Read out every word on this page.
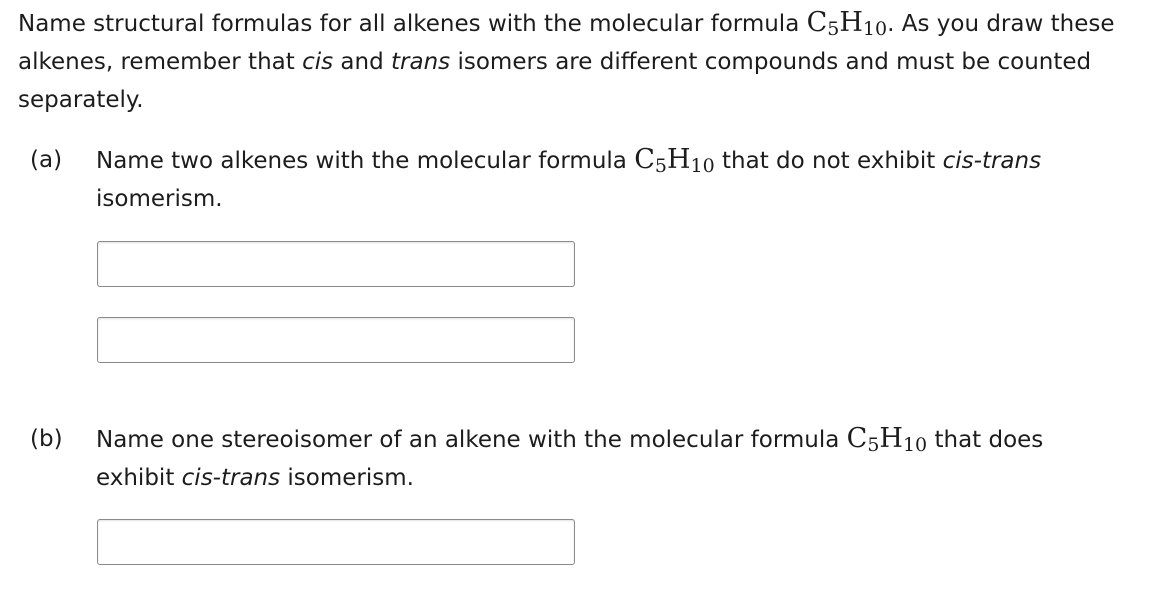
Name structural formulas for all alkenes with the molecular formula $C_5H_{10}$. As you draw these alkenes, remember that cis and trans isomers are different compounds and must be counted separately.

(a) Name two alkenes with the molecular formula $C_5H_{10}$ that do not exhibit cis-trans isomerism.

(b) Name one stereoisomer of an alkene with the molecular formula $C_5H_{10}$ that does exhibit cis-trans isomerism.
